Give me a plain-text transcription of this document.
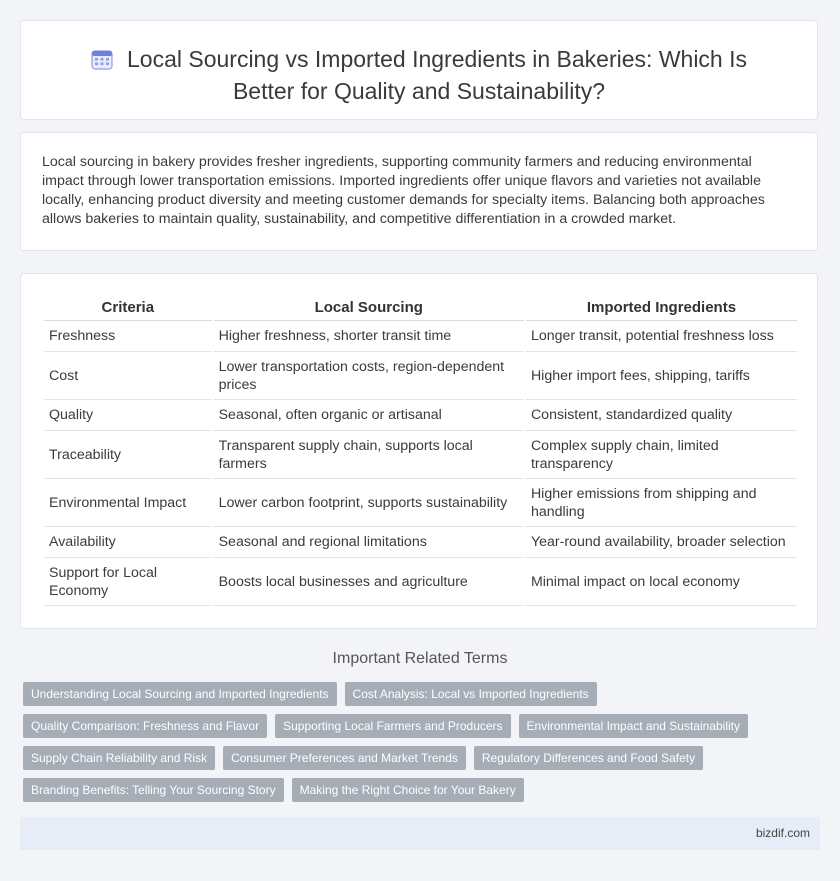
Local Sourcing vs Imported Ingredients in Bakeries: Which Is
Better for Quality and Sustainability?
Local sourcing in bakery provides fresher ingredients, supporting community farmers and reducing environmental impact through lower transportation emissions. Imported ingredients offer unique flavors and varieties not available locally, enhancing product diversity and meeting customer demands for specialty items. Balancing both approaches allows bakeries to maintain quality, sustainability, and competitive differentiation in a crowded market.
Criteria	Local Sourcing	Imported Ingredients
Freshness	Higher freshness, shorter transit time	Longer transit, potential freshness loss
Cost	Lower transportation costs, region-dependent prices	Higher import fees, shipping, tariffs
Quality	Seasonal, often organic or artisanal	Consistent, standardized quality
Traceability	Transparent supply chain, supports local farmers	Complex supply chain, limited transparency
Environmental Impact	Lower carbon footprint, supports sustainability	Higher emissions from shipping and handling
Availability	Seasonal and regional limitations	Year-round availability, broader selection
Support for Local Economy	Boosts local businesses and agriculture	Minimal impact on local economy
Important Related Terms
Understanding Local Sourcing and Imported Ingredients	Cost Analysis: Local vs Imported Ingredients
Quality Comparison: Freshness and Flavor	Supporting Local Farmers and Producers	Environmental Impact and Sustainability
Supply Chain Reliability and Risk	Consumer Preferences and Market Trends	Regulatory Differences and Food Safety
Branding Benefits: Telling Your Sourcing Story	Making the Right Choice for Your Bakery
bizdif.com
